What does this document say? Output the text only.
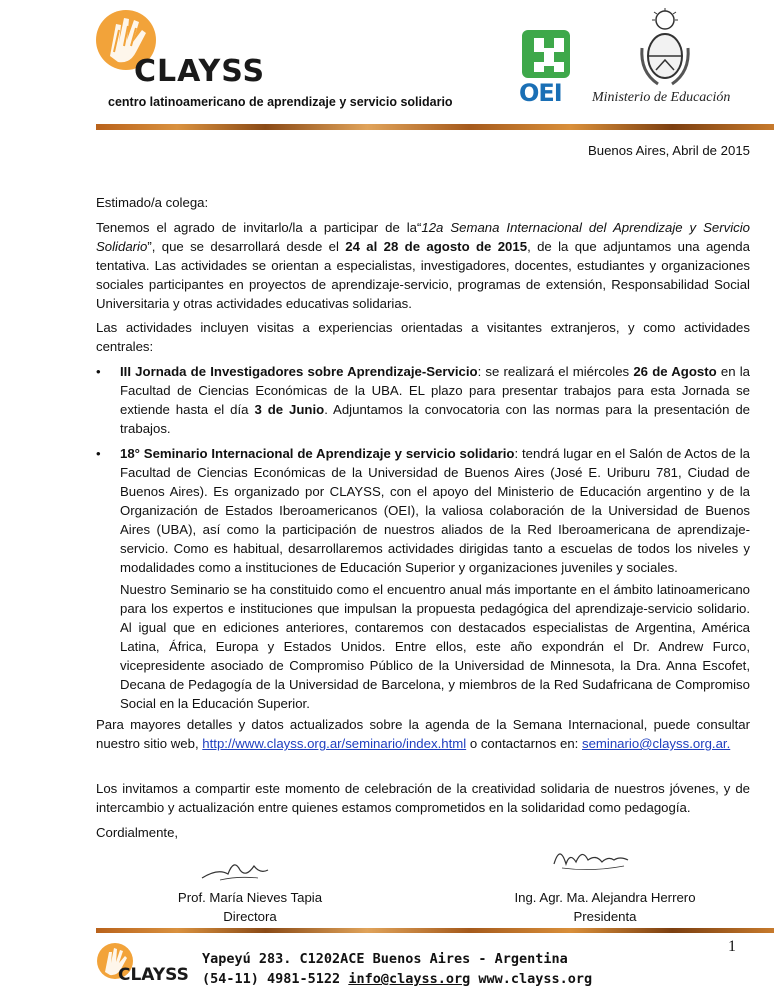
CLAYSS
centro latinoamericano de aprendizaje y servicio solidario	OEI Ministerio de Educación
Buenos Aires, Abril de 2015
Estimado/a colega:
Tenemos el agrado de invitarlo/la a participar de la“12a Semana Internacional del Aprendizaje y Servicio Solidario”, que se desarrollará desde el 24 al 28 de agosto de 2015, de la que adjuntamos una agenda tentativa. Las actividades se orientan a especialistas, investigadores, docentes, estudiantes y organizaciones sociales participantes en proyectos de aprendizaje-servicio, programas de extensión, Responsabilidad Social Universitaria y otras actividades educativas solidarias.
Las actividades incluyen visitas a experiencias orientadas a visitantes extranjeros, y como actividades centrales:
• III Jornada de Investigadores sobre Aprendizaje-Servicio: se realizará el miércoles 26 de Agosto en la Facultad de Ciencias Económicas de la UBA. EL plazo para presentar trabajos para esta Jornada se extiende hasta el día 3 de Junio. Adjuntamos la convocatoria con las normas para la presentación de trabajos.
• 18° Seminario Internacional de Aprendizaje y servicio solidario: tendrá lugar en el Salón de Actos de la Facultad de Ciencias Económicas de la Universidad de Buenos Aires (José E. Uriburu 781, Ciudad de Buenos Aires). Es organizado por CLAYSS, con el apoyo del Ministerio de Educación argentino y de la Organización de Estados Iberoamericanos (OEI), la valiosa colaboración de la Universidad de Buenos Aires (UBA), así como la participación de nuestros aliados de la Red Iberoamericana de aprendizaje-servicio. Como es habitual, desarrollaremos actividades dirigidas tanto a escuelas de todos los niveles y modalidades como a instituciones de Educación Superior y organizaciones juveniles y sociales.
Nuestro Seminario se ha constituido como el encuentro anual más importante en el ámbito latinoamericano para los expertos e instituciones que impulsan la propuesta pedagógica del aprendizaje-servicio solidario. Al igual que en ediciones anteriores, contaremos con destacados especialistas de Argentina, América Latina, África, Europa y Estados Unidos. Entre ellos, este año expondrán el Dr. Andrew Furco, vicepresidente asociado de Compromiso Público de la Universidad de Minnesota, la Dra. Anna Escofet, Decana de Pedagogía de la Universidad de Barcelona, y miembros de la Red Sudafricana de Compromiso Social en la Educación Superior.
Para mayores detalles y datos actualizados sobre la agenda de la Semana Internacional, puede consultar nuestro sitio web, http://www.clayss.org.ar/seminario/index.html o contactarnos en: seminario@clayss.org.ar.
Los invitamos a compartir este momento de celebración de la creatividad solidaria de nuestros jóvenes, y de intercambio y actualización entre quienes estamos comprometidos en la solidaridad como pedagogía.
Cordialmente,
Prof. María Nieves Tapia
Directora
Ing. Agr. Ma. Alejandra Herrero
Presidenta
1
CLAYSS
Yapeyú 283. C1202ACE Buenos Aires - Argentina
(54-11) 4981-5122 info@clayss.org www.clayss.org
